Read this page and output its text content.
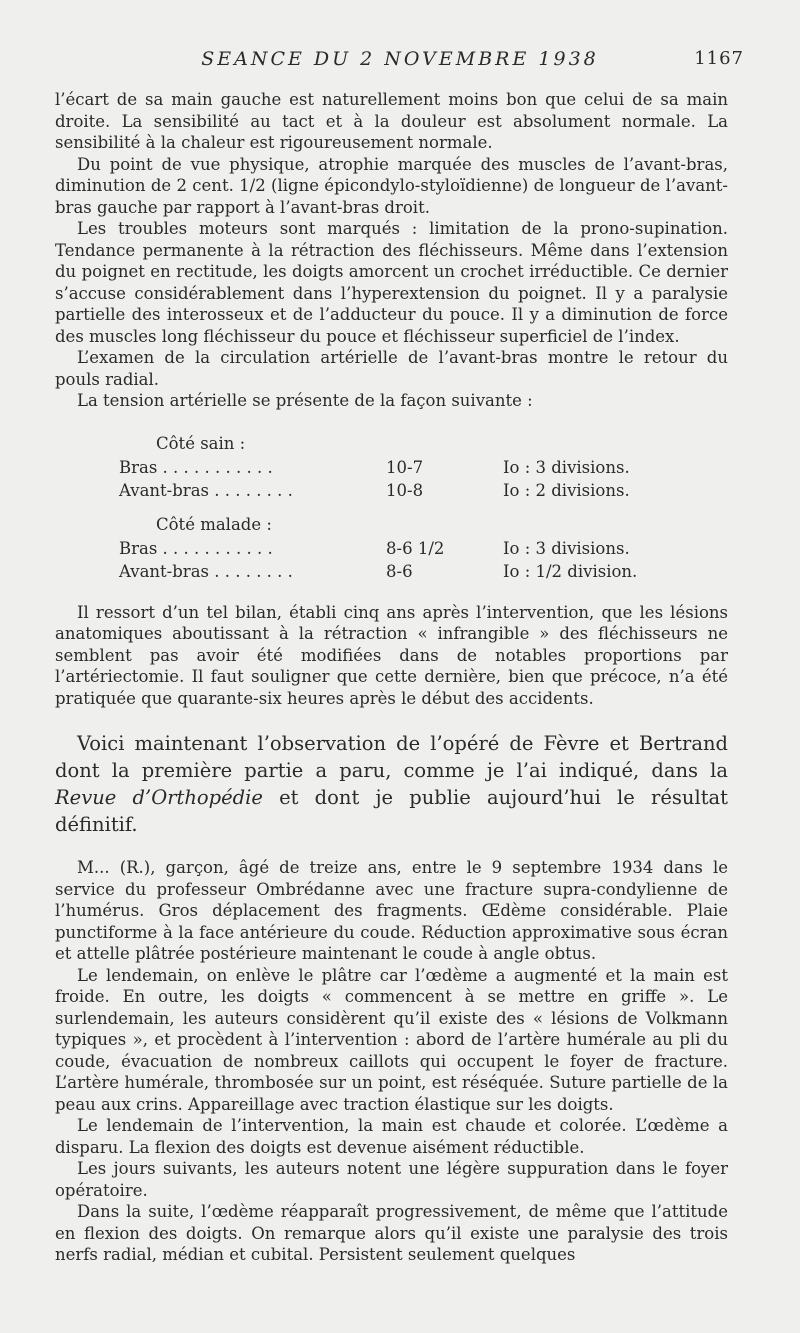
SEANCE DU 2 NOVEMBRE 1938	1167

l’écart de sa main gauche est naturellement moins bon que celui de sa main droite. La sensibilité au tact et à la douleur est absolument normale. La sensibilité à la chaleur est rigoureusement normale.

Du point de vue physique, atrophie marquée des muscles de l’avant-bras, diminution de 2 cent. 1/2 (ligne épicondylo-styloïdienne) de longueur de l’avant-bras gauche par rapport à l’avant-bras droit.

Les troubles moteurs sont marqués : limitation de la prono-supination. Tendance permanente à la rétraction des fléchisseurs. Même dans l’extension du poignet en rectitude, les doigts amorcent un crochet irréductible. Ce dernier s’accuse considérablement dans l’hyperextension du poignet. Il y a paralysie partielle des interosseux et de l’adducteur du pouce. Il y a diminution de force des muscles long fléchisseur du pouce et fléchisseur superficiel de l’index.

L’examen de la circulation artérielle de l’avant-bras montre le retour du pouls radial.

La tension artérielle se présente de la façon suivante :

Côté sain :
Bras . . . . . . . . . . .	10-7	Io : 3 divisions.
Avant-bras . . . . . . . .	10-8	Io : 2 divisions.
Côté malade :
Bras . . . . . . . . . . .	8-6 1/2	Io : 3 divisions.
Avant-bras . . . . . . . .	8-6	Io : 1/2 division.

Il ressort d’un tel bilan, établi cinq ans après l’intervention, que les lésions anatomiques aboutissant à la rétraction « infrangible » des fléchisseurs ne semblent pas avoir été modifiées dans de notables proportions par l’artériectomie. Il faut souligner que cette dernière, bien que précoce, n’a été pratiquée que quarante-six heures après le début des accidents.

Voici maintenant l’observation de l’opéré de Fèvre et Bertrand dont la première partie a paru, comme je l’ai indiqué, dans la Revue d’Orthopédie et dont je publie aujourd’hui le résultat définitif.

M... (R.), garçon, âgé de treize ans, entre le 9 septembre 1934 dans le service du professeur Ombrédanne avec une fracture supra-condylienne de l’humérus. Gros déplacement des fragments. Œdème considérable. Plaie punctiforme à la face antérieure du coude. Réduction approximative sous écran et attelle plâtrée postérieure maintenant le coude à angle obtus.

Le lendemain, on enlève le plâtre car l’œdème a augmenté et la main est froide. En outre, les doigts « commencent à se mettre en griffe ». Le surlendemain, les auteurs considèrent qu’il existe des « lésions de Volkmann typiques », et procèdent à l’intervention : abord de l’artère humérale au pli du coude, évacuation de nombreux caillots qui occupent le foyer de fracture. L’artère humérale, thrombosée sur un point, est réséquée. Suture partielle de la peau aux crins. Appareillage avec traction élastique sur les doigts.

Le lendemain de l’intervention, la main est chaude et colorée. L’œdème a disparu. La flexion des doigts est devenue aisément réductible.

Les jours suivants, les auteurs notent une légère suppuration dans le foyer opératoire.

Dans la suite, l’œdème réapparaît progressivement, de même que l’attitude en flexion des doigts. On remarque alors qu’il existe une paralysie des trois nerfs radial, médian et cubital. Persistent seulement quelques
